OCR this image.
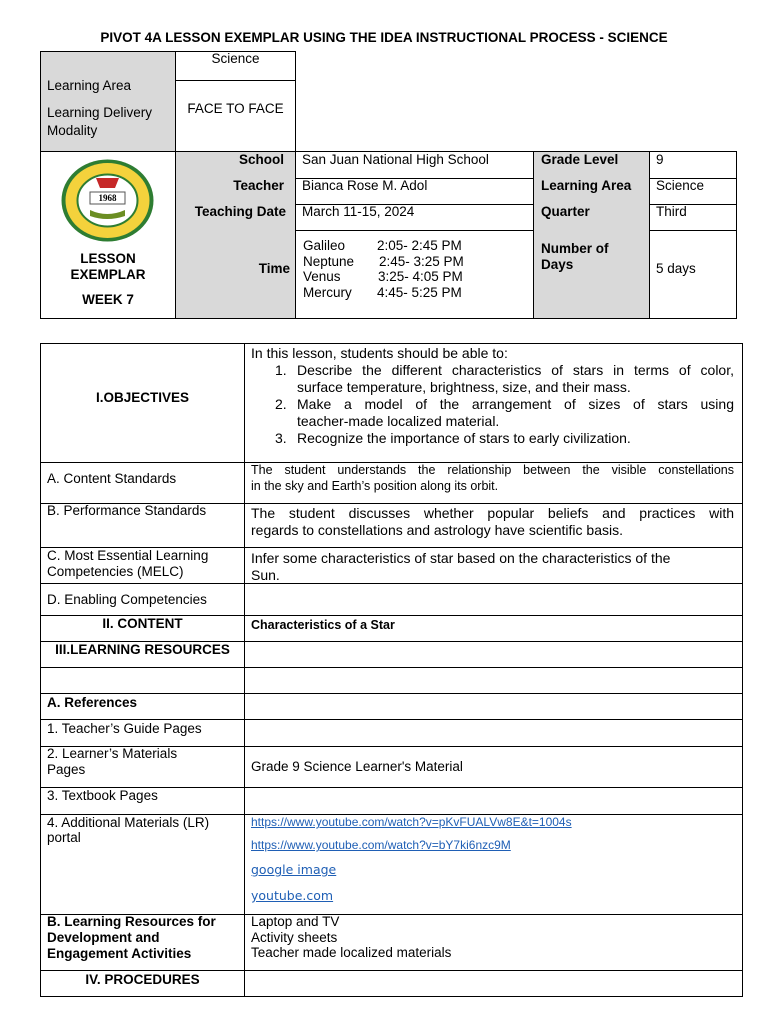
PIVOT 4A LESSON EXEMPLAR USING THE IDEA INSTRUCTIONAL PROCESS - SCIENCE
Learning Area
Learning Delivery
Modality
Science
FACE TO FACE
1968
LESSON
EXEMPLAR
WEEK 7
School
Teacher
Teaching Date
Time
San Juan National High School
Bianca Rose M. Adol
March 11-15, 2024
Galileo
Neptune
Venus
Mercury
2:05- 2:45 PM
2:45- 3:25 PM
3:25- 4:05 PM
4:45- 5:25 PM
Grade Level
Learning Area
Quarter
Number of
Days
9
Science
Third
5 days
I.OBJECTIVES
A. Content Standards
B. Performance Standards
C. Most Essential Learning
Competencies (MELC)
D. Enabling Competencies
II. CONTENT
III.LEARNING RESOURCES
A. References
1. Teacher’s Guide Pages
2. Learner’s Materials
Pages
3. Textbook Pages
4. Additional Materials (LR)
portal
B. Learning Resources for
Development and
Engagement Activities
IV. PROCEDURES
In this lesson, students should be able to:
1. Describe the different characteristics of stars in terms of color,
surface temperature, brightness, size, and their mass.
2. Make a model of the arrangement of sizes of stars using
teacher-made localized material.
3. Recognize the importance of stars to early civilization.
The student understands the relationship between the visible constellations
in the sky and Earth’s position along its orbit.
The student discusses whether popular beliefs and practices with
regards to constellations and astrology have scientific basis.
Infer some characteristics of star based on the characteristics of the
Sun.
Characteristics of a Star
Grade 9 Science Learner's Material
https://www.youtube.com/watch?v=pKvFUALVw8E&t=1004s
https://www.youtube.com/watch?v=bY7ki6nzc9M
google image
youtube.com
Laptop and TV
Activity sheets
Teacher made localized materials
